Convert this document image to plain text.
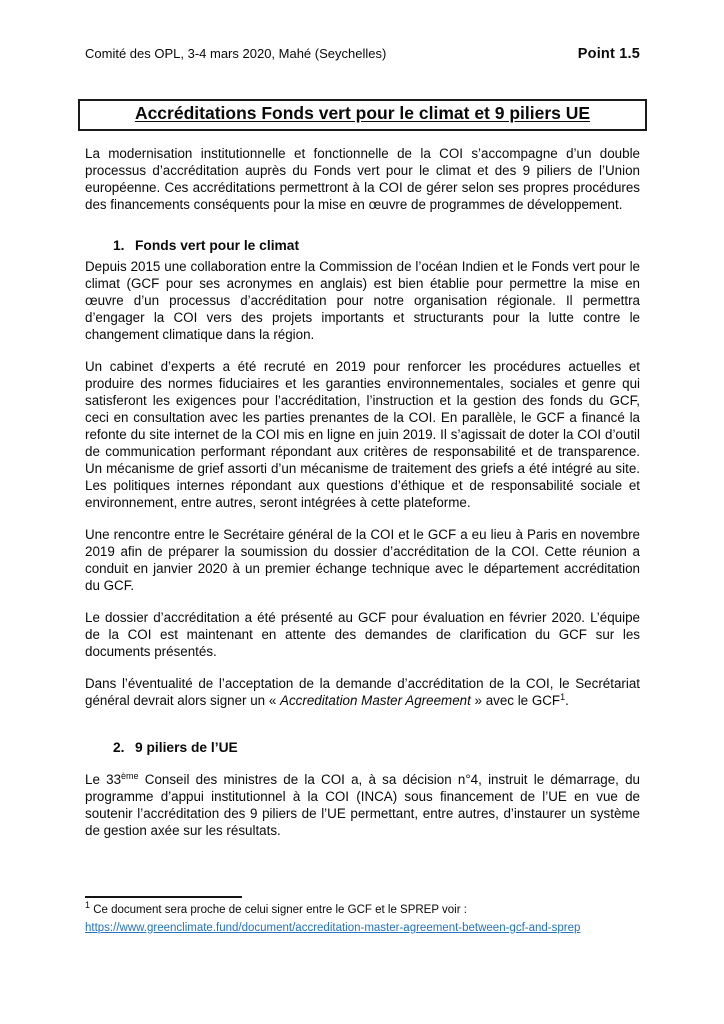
Comité des OPL, 3-4 mars 2020, Mahé (Seychelles)	Point 1.5
Accréditations Fonds vert pour le climat et 9 piliers UE

La modernisation institutionnelle et fonctionnelle de la COI s’accompagne d’un double processus d’accréditation auprès du Fonds vert pour le climat et des 9 piliers de l’Union européenne. Ces accréditations permettront à la COI de gérer selon ses propres procédures des financements conséquents pour la mise en œuvre de programmes de développement.

1. Fonds vert pour le climat

Depuis 2015 une collaboration entre la Commission de l’océan Indien et le Fonds vert pour le climat (GCF pour ses acronymes en anglais) est bien établie pour permettre la mise en œuvre d’un processus d’accréditation pour notre organisation régionale. Il permettra d’engager la COI vers des projets importants et structurants pour la lutte contre le changement climatique dans la région.

Un cabinet d’experts a été recruté en 2019 pour renforcer les procédures actuelles et produire des normes fiduciaires et les garanties environnementales, sociales et genre qui satisferont les exigences pour l’accréditation, l’instruction et la gestion des fonds du GCF, ceci en consultation avec les parties prenantes de la COI. En parallèle, le GCF a financé la refonte du site internet de la COI mis en ligne en juin 2019. Il s’agissait de doter la COI d’outil de communication performant répondant aux critères de responsabilité et de transparence. Un mécanisme de grief assorti d’un mécanisme de traitement des griefs a été intégré au site. Les politiques internes répondant aux questions d’éthique et de responsabilité sociale et environnement, entre autres, seront intégrées à cette plateforme.

Une rencontre entre le Secrétaire général de la COI et le GCF a eu lieu à Paris en novembre 2019 afin de préparer la soumission du dossier d’accréditation de la COI. Cette réunion a conduit en janvier 2020 à un premier échange technique avec le département accréditation du GCF.

Le dossier d’accréditation a été présenté au GCF pour évaluation en février 2020. L’équipe de la COI est maintenant en attente des demandes de clarification du GCF sur les documents présentés.

Dans l’éventualité de l’acceptation de la demande d’accréditation de la COI, le Secrétariat général devrait alors signer un « Accreditation Master Agreement » avec le GCF$^1$.

2. 9 piliers de l’UE

Le 33ème Conseil des ministres de la COI a, à sa décision n°4, instruit le démarrage, du programme d’appui institutionnel à la COI (INCA) sous financement de l’UE en vue de soutenir l’accréditation des 9 piliers de l’UE permettant, entre autres, d’instaurer un système de gestion axée sur les résultats.

$^1$ Ce document sera proche de celui signer entre le GCF et le SPREP voir :
https://www.greenclimate.fund/document/accreditation-master-agreement-between-gcf-and-sprep
